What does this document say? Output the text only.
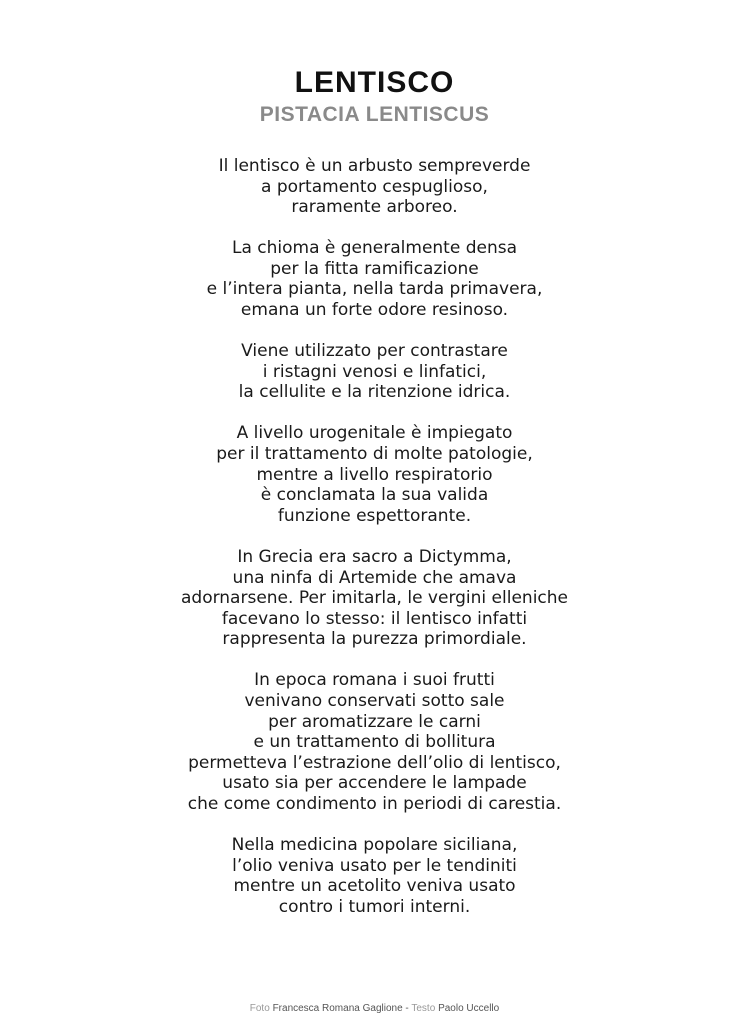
LENTISCO
PISTACIA LENTISCUS

Il lentisco è un arbusto sempreverde
a portamento cespuglioso,
raramente arboreo.

La chioma è generalmente densa
per la fitta ramificazione
e l’intera pianta, nella tarda primavera,
emana un forte odore resinoso.

Viene utilizzato per contrastare
i ristagni venosi e linfatici,
la cellulite e la ritenzione idrica.

A livello urogenitale è impiegato
per il trattamento di molte patologie,
mentre a livello respiratorio
è conclamata la sua valida
funzione espettorante.

In Grecia era sacro a Dictymma,
una ninfa di Artemide che amava
adornarsene. Per imitarla, le vergini elleniche
facevano lo stesso: il lentisco infatti
rappresenta la purezza primordiale.

In epoca romana i suoi frutti
venivano conservati sotto sale
per aromatizzare le carni
e un trattamento di bollitura
permetteva l’estrazione dell’olio di lentisco,
usato sia per accendere le lampade
che come condimento in periodi di carestia.

Nella medicina popolare siciliana,
l’olio veniva usato per le tendiniti
mentre un acetolito veniva usato
contro i tumori interni.

Foto Francesca Romana Gaglione - Testo Paolo Uccello
